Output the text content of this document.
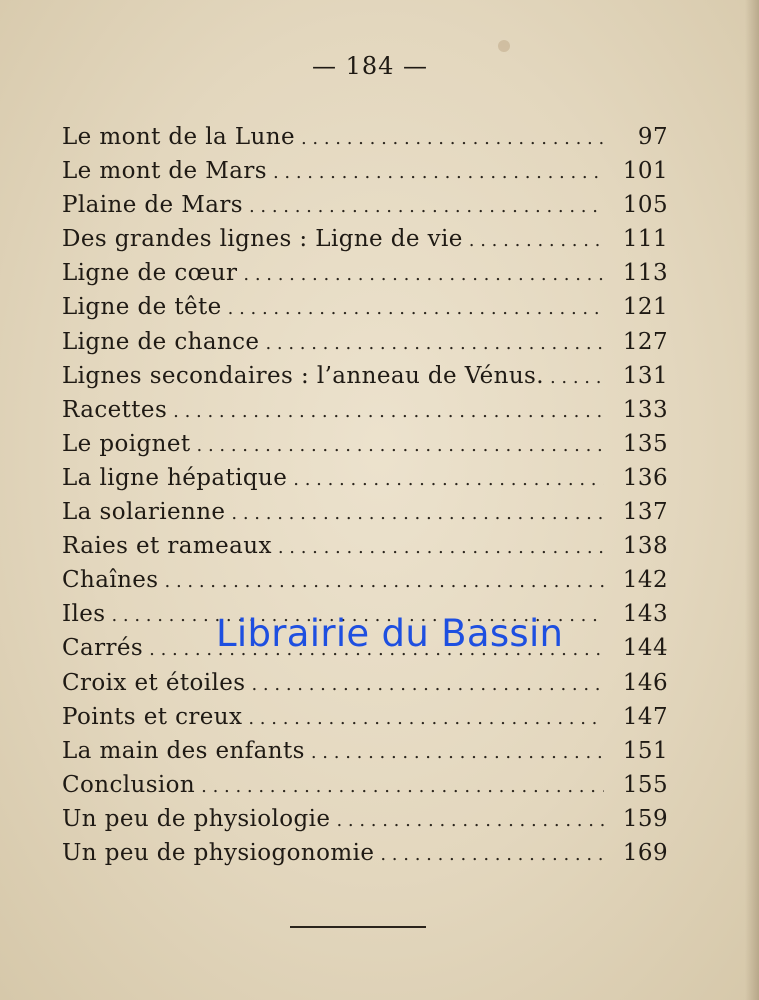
— 184 —
Le mont de la Lune . . .	97
Le mont de Mars . . .	101
Plaine de Mars . . .	105
Des grandes lignes : Ligne de vie . . .	111
Ligne de cœur . . .	113
Ligne de tête . . .	121
Ligne de chance . . .	127
Lignes secondaires : l’anneau de Vénus. . . .	131
Racettes . . .	133
Le poignet . . .	135
La ligne hépatique . . .	136
La solarienne . . .	137
Raies et rameaux . . .	138
Chaînes . . .	142
Iles . . .	143
Carrés . . .	144
Croix et étoiles . . .	146
Points et creux . . .	147
La main des enfants . . .	151
Conclusion . . .	155
Un peu de physiologie . . .	159
Un peu de physiogonomie . . .	169
Librairie du Bassin
